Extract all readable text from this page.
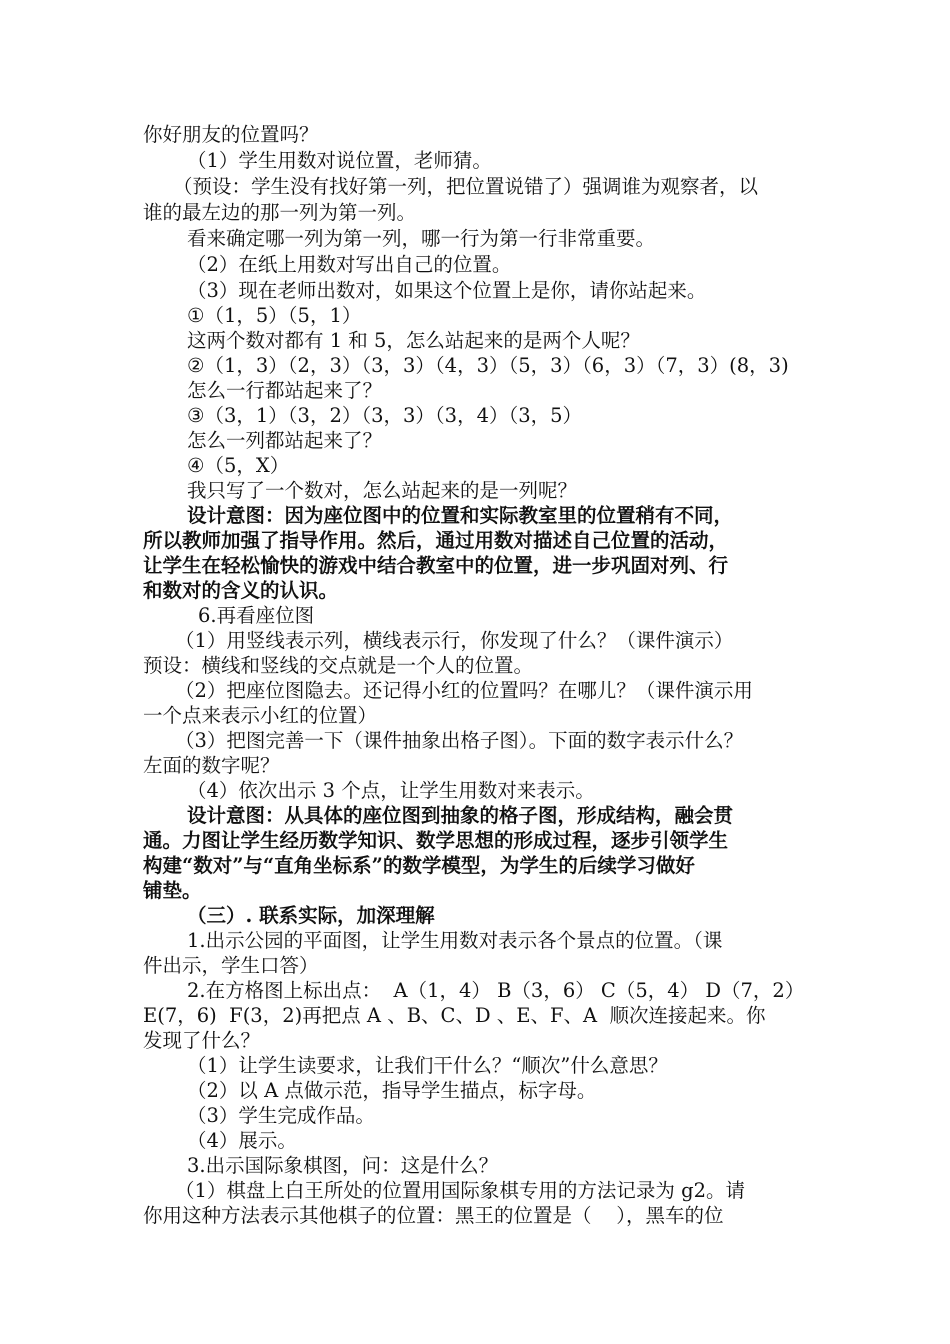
你好朋友的位置吗？
（1）学生用数对说位置，老师猜。
（预设：学生没有找好第一列，把位置说错了）强调谁为观察者，以
谁的最左边的那一列为第一列。
看来确定哪一列为第一列，哪一行为第一行非常重要。
（2）在纸上用数对写出自己的位置。
（3）现在老师出数对，如果这个位置上是你，请你站起来。
①（1，5）（5，1）
这两个数对都有 1 和 5，怎么站起来的是两个人呢？
②（1，3）（2，3）（3，3）（4，3）（5，3）（6，3）（7，3）(8，3)
怎么一行都站起来了？
③（3，1）（3，2）（3，3）（3，4）（3，5）
怎么一列都站起来了？
④（5，X）
我只写了一个数对，怎么站起来的是一列呢？
设计意图：因为座位图中的位置和实际教室里的位置稍有不同，
所以教师加强了指导作用。然后，通过用数对描述自己位置的活动，
让学生在轻松愉快的游戏中结合教室中的位置，进一步巩固对列、行
和数对的含义的认识。
6.再看座位图
（1）用竖线表示列，横线表示行，你发现了什么？（课件演示）
预设：横线和竖线的交点就是一个人的位置。
（2）把座位图隐去。还记得小红的位置吗？在哪儿？（课件演示用
一个点来表示小红的位置）
（3）把图完善一下（课件抽象出格子图）。下面的数字表示什么？
左面的数字呢？
（4）依次出示 3 个点，让学生用数对来表示。
设计意图：从具体的座位图到抽象的格子图，形成结构，融会贯
通。力图让学生经历数学知识、数学思想的形成过程，逐步引领学生
构建“数对”与“直角坐标系”的数学模型，为学生的后续学习做好
铺垫。
（三）. 联系实际，加深理解
1.出示公园的平面图，让学生用数对表示各个景点的位置。（课
件出示，学生口答）
2.在方格图上标出点：  A（1，4） B（3，6） C（5，4） D（7，2）
E(7，6)  F(3，2)再把点 A 、B、C、D 、E、F、A  顺次连接起来。你
发现了什么？
（1）让学生读要求，让我们干什么？“顺次”什么意思？
（2）以 A 点做示范，指导学生描点，标字母。
（3）学生完成作品。
（4）展示。
3.出示国际象棋图，问：这是什么？
（1）棋盘上白王所处的位置用国际象棋专用的方法记录为 g2。请
你用这种方法表示其他棋子的位置：黑王的位置是（    ），黑车的位
